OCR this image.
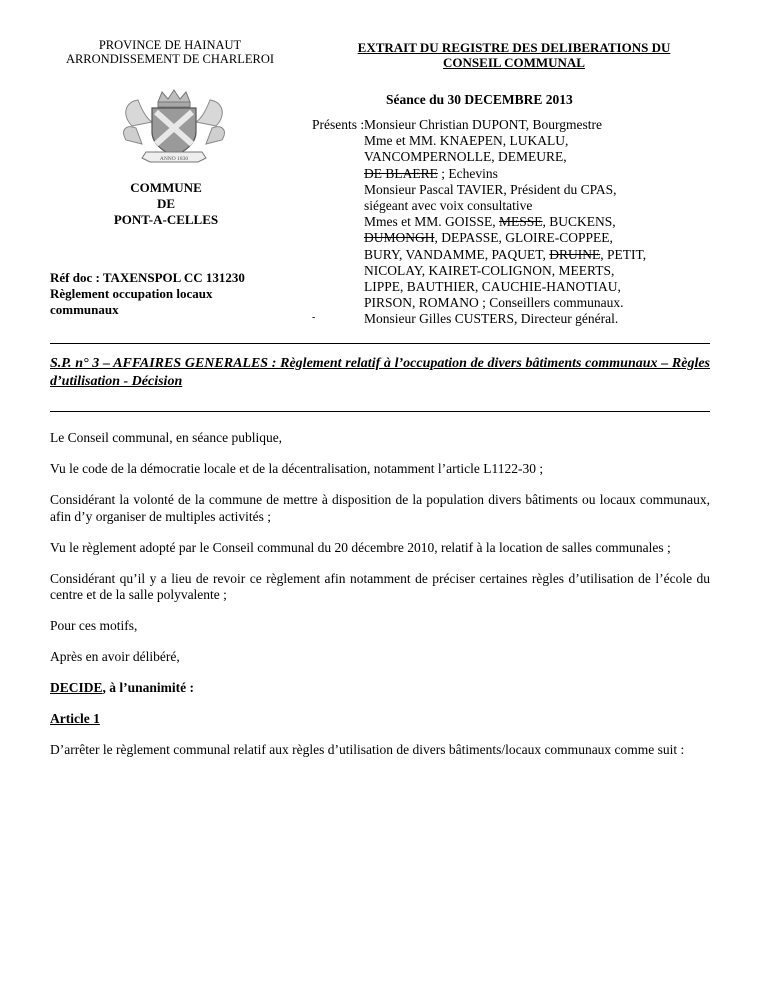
PROVINCE DE HAINAUT
ARRONDISSEMENT DE CHARLEROI
EXTRAIT DU REGISTRE DES DELIBERATIONS DU
CONSEIL COMMUNAL
Séance du 30 DECEMBRE 2013
ANNO 1830
COMMUNE
DE
PONT-A-CELLES
Réf doc : TAXENSPOL CC 131230
Règlement occupation locaux
communaux
Présents : Monsieur Christian DUPONT, Bourgmestre
Mme et MM. KNAEPEN, LUKALU,
VANCOMPERNOLLE, DEMEURE,
DE BLAERE ; Echevins
Monsieur Pascal TAVIER, Président du CPAS,
siégeant avec voix consultative
Mmes et MM. GOISSE, MESSE, BUCKENS,
DUMONGH, DEPASSE, GLOIRE-COPPEE,
BURY, VANDAMME, PAQUET, DRUINE, PETIT,
NICOLAY, KAIRET-COLIGNON, MEERTS,
LIPPE, BAUTHIER, CAUCHIE-HANOTIAU,
PIRSON, ROMANO ; Conseillers communaux.
Monsieur Gilles CUSTERS, Directeur général.
-
S.P. n° 3 – AFFAIRES GENERALES : Règlement relatif à l’occupation de divers bâtiments communaux – Règles d’utilisation - Décision

Le Conseil communal, en séance publique,

Vu le code de la démocratie locale et de la décentralisation, notamment l’article L1122-30 ;

Considérant la volonté de la commune de mettre à disposition de la population divers bâtiments ou locaux communaux, afin d’y organiser de multiples activités ;

Vu le règlement adopté par le Conseil communal du 20 décembre 2010, relatif à la location de salles communales ;

Considérant qu’il y a lieu de revoir ce règlement afin notamment de préciser certaines règles d’utilisation de l’école du centre et de la salle polyvalente ;

Pour ces motifs,

Après en avoir délibéré,

DECIDE, à l’unanimité :

Article 1

D’arrêter le règlement communal relatif aux règles d’utilisation de divers bâtiments/locaux communaux comme suit :
